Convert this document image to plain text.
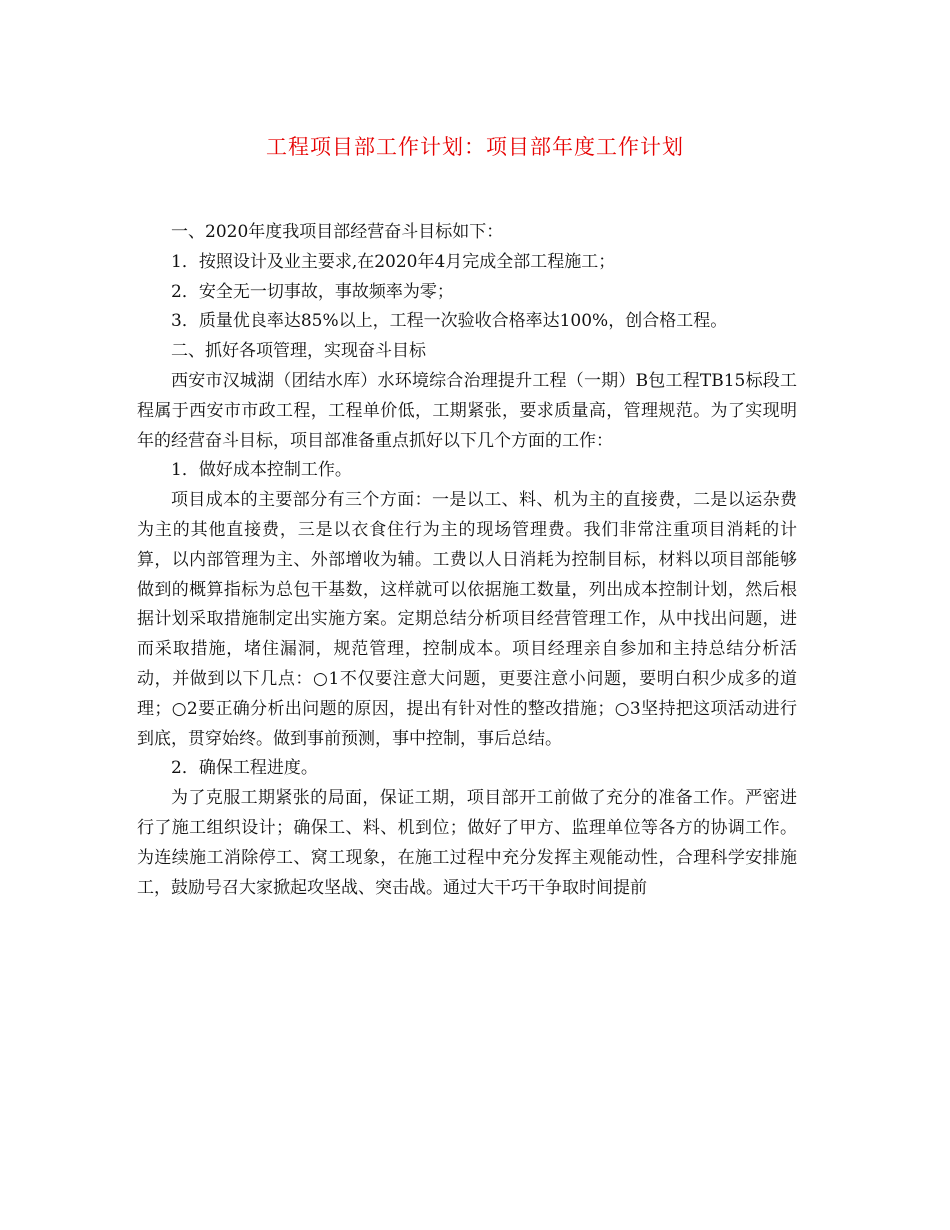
工程项目部工作计划：项目部年度工作计划

一、2020年度我项目部经营奋斗目标如下：

1．按照设计及业主要求,在2020年4月完成全部工程施工；

2．安全无一切事故，事故频率为零；

3．质量优良率达85%以上，工程一次验收合格率达100%，创合格工程。

二、抓好各项管理，实现奋斗目标

西安市汉城湖（团结水库）水环境综合治理提升工程（一期）B包工程TB15标段工程属于西安市市政工程，工程单价低，工期紧张，要求质量高，管理规范。为了实现明年的经营奋斗目标，项目部准备重点抓好以下几个方面的工作：

1．做好成本控制工作。

项目成本的主要部分有三个方面：一是以工、料、机为主的直接费，二是以运杂费为主的其他直接费，三是以衣食住行为主的现场管理费。我们非常注重项目消耗的计算，以内部管理为主、外部增收为辅。工费以人日消耗为控制目标，材料以项目部能够做到的概算指标为总包干基数，这样就可以依据施工数量，列出成本控制计划，然后根据计划采取措施制定出实施方案。定期总结分析项目经营管理工作，从中找出问题，进而采取措施，堵住漏洞，规范管理，控制成本。项目经理亲自参加和主持总结分析活动，并做到以下几点：○1不仅要注意大问题，更要注意小问题，要明白积少成多的道理；○2要正确分析出问题的原因，提出有针对性的整改措施；○3坚持把这项活动进行到底，贯穿始终。做到事前预测，事中控制，事后总结。

2．确保工程进度。

为了克服工期紧张的局面，保证工期，项目部开工前做了充分的准备工作。严密进行了施工组织设计；确保工、料、机到位；做好了甲方、监理单位等各方的协调工作。为连续施工消除停工、窝工现象，在施工过程中充分发挥主观能动性，合理科学安排施工，鼓励号召大家掀起攻坚战、突击战。通过大干巧干争取时间提前
